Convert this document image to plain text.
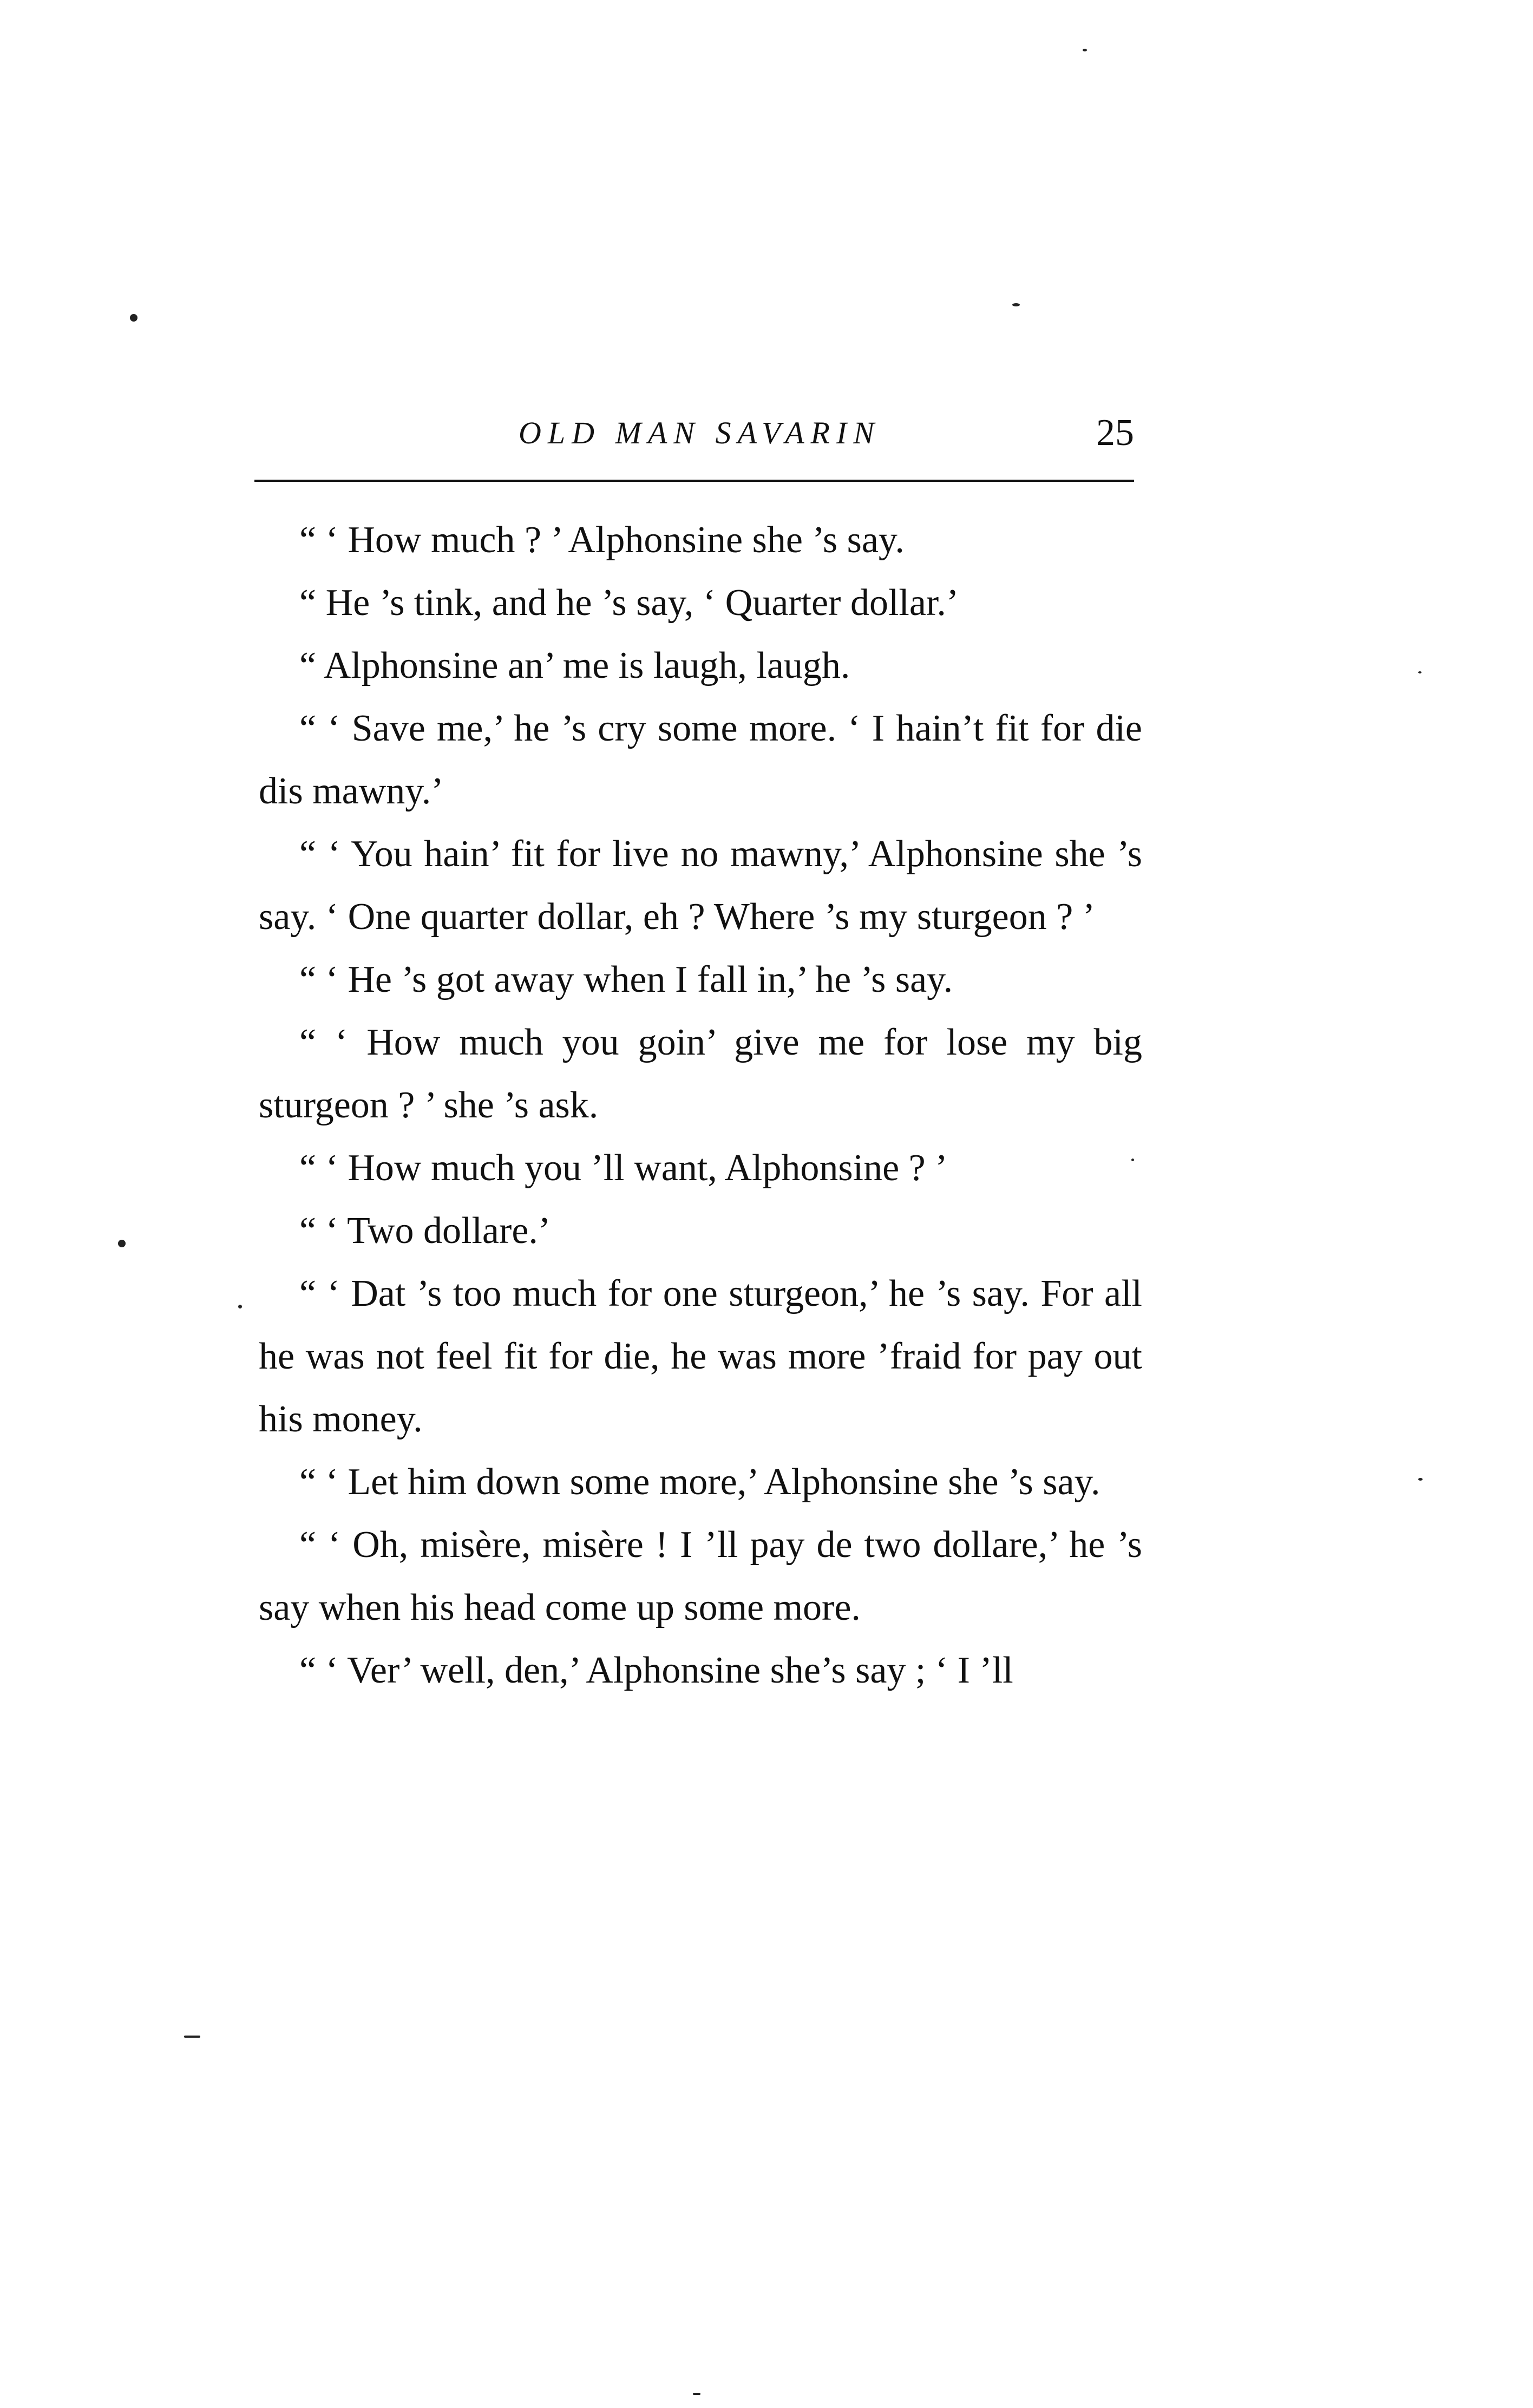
OLD MAN SAVARIN	25

“ ‘ How much ? ’ Alphonsine she ’s say.

“ He ’s tink, and he ’s say, ‘ Quarter dollar.’

“ Alphonsine an’ me is laugh, laugh.

“ ‘ Save me,’ he ’s cry some more. ‘ I hain’t fit for die dis mawny.’

“ ‘ You hain’ fit for live no mawny,’ Alphonsine she ’s say. ‘ One quarter dollar, eh ? Where ’s my sturgeon ? ’

“ ‘ He ’s got away when I fall in,’ he ’s say.

“ ‘ How much you goin’ give me for lose my big sturgeon ? ’ she ’s ask.

“ ‘ How much you ’ll want, Alphonsine ? ’

“ ‘ Two dollare.’

“ ‘ Dat ’s too much for one sturgeon,’ he ’s say. For all he was not feel fit for die, he was more ’fraid for pay out his money.

“ ‘ Let him down some more,’ Alphonsine she ’s say.

“ ‘ Oh, misère, misère ! I ’ll pay de two dollare,’ he ’s say when his head come up some more.

“ ‘ Ver’ well, den,’ Alphonsine she’s say ; ‘ I ’ll
